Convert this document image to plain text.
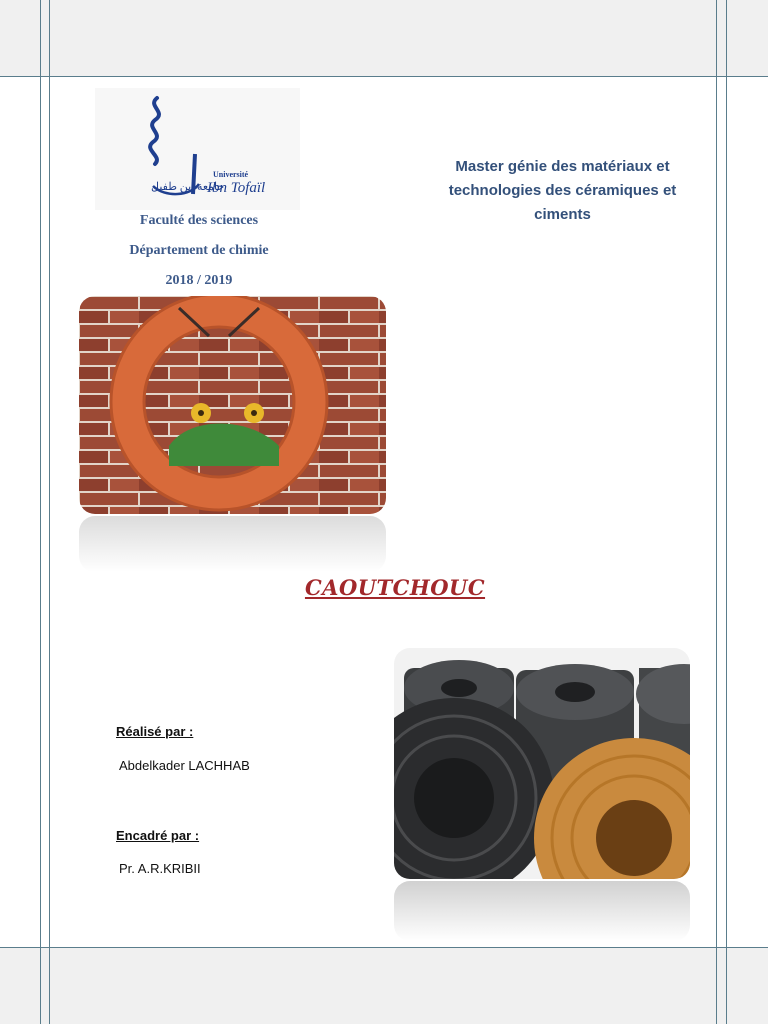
Université
Ibn Tofaïl
جامعة ابن طفيل
Faculté des sciences
Département de chimie
2018 / 2019
Master génie des matériaux et technologies des céramiques et ciments
CAOUTCHOUC
Réalisé par :
Abdelkader LACHHAB
Encadré par :
Pr. A.R.KRIBII
